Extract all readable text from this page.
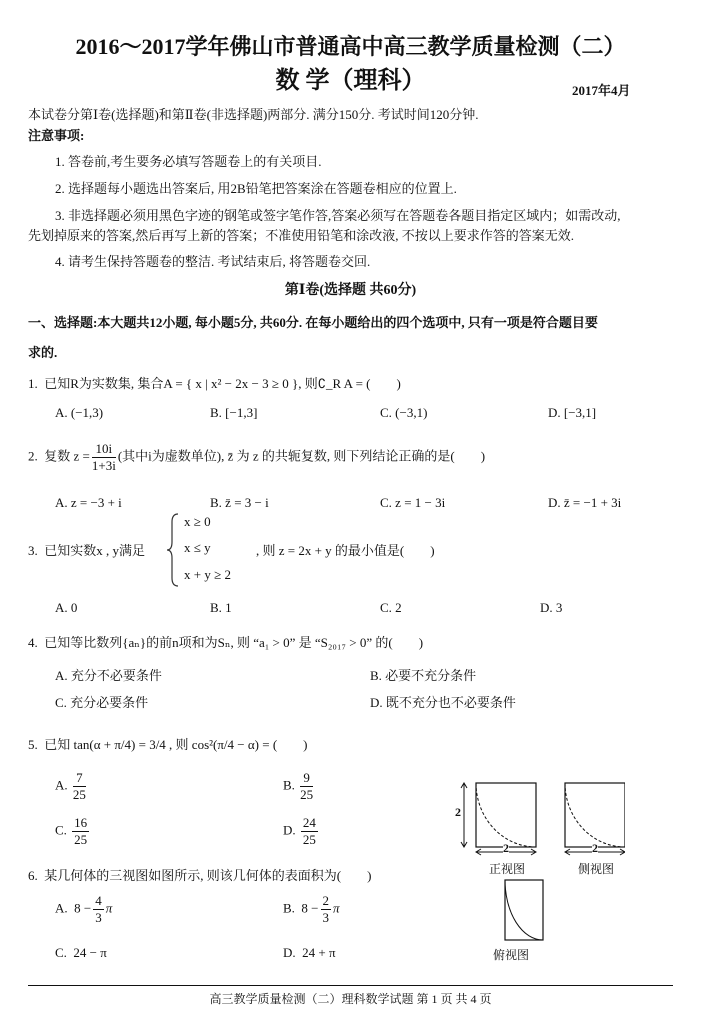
2016～2017学年佛山市普通高中高三教学质量检测（二）
数 学（理科）	2017年4月
本试卷分第Ⅰ卷(选择题)和第Ⅱ卷(非选择题)两部分. 满分150分. 考试时间120分钟.
注意事项:
1. 答卷前,考生要务必填写答题卷上的有关项目.
2. 选择题每小题选出答案后, 用2B铅笔把答案涂在答题卷相应的位置上.
3. 非选择题必须用黑色字迹的钢笔或签字笔作答,答案必须写在答题卷各题目指定区域内；如需改动,
先划掉原来的答案,然后再写上新的答案；不准使用铅笔和涂改液, 不按以上要求作答的答案无效.
4. 请考生保持答题卷的整洁. 考试结束后, 将答题卷交回.
第Ⅰ卷(选择题 共60分)
一、选择题:本大题共12小题, 每小题5分, 共60分. 在每小题给出的四个选项中, 只有一项是符合题目要
求的.
1. 已知R为实数集, 集合A = { x | x² − 2x − 3 ≥ 0 }, 则∁_R A = (　　)
A. (−1,3)	B. [−1,3]	C. (−3,1)	D. [−3,1]
2. 复数 $z = \frac{10i}{1+3i}$ (其中i为虚数单位), z̄ 为 z 的共轭复数, 则下列结论正确的是(　　)
A. z = −3 + i	B. z̄ = 3 − i	C. z = 1 − 3i	D. z̄ = −1 + 3i
3. 已知实数x , y满足
x ≥ 0
x ≤ y
x + y ≥ 2
, 则 z = 2x + y 的最小值是(　　)
A. 0	B. 1	C. 2	D. 3
4. 已知等比数列{aₙ}的前n项和为Sₙ, 则 “a₁ > 0” 是 “S₂₀₁₇ > 0” 的(　　)
A. 充分不必要条件	B. 必要不充分条件
C. 充分必要条件	D. 既不充分也不必要条件
5. 已知 tan(α + π/4) = 3/4 , 则 cos²(π/4 − α) = (　　)
A. $\frac{7}{25}$	B. $\frac{9}{25}$
C. $\frac{16}{25}$	D. $\frac{24}{25}$
6. 某几何体的三视图如图所示, 则该几何体的表面积为(　　)
A. $8 - \frac{4}{3}$ π	B. $8 - \frac{2}{3}$ π
C. 24 − π	D. 24 + π
2
2	2
正视图	侧视图
俯视图
高三教学质量检测（二）理科数学试题 第 1 页 共 4 页
